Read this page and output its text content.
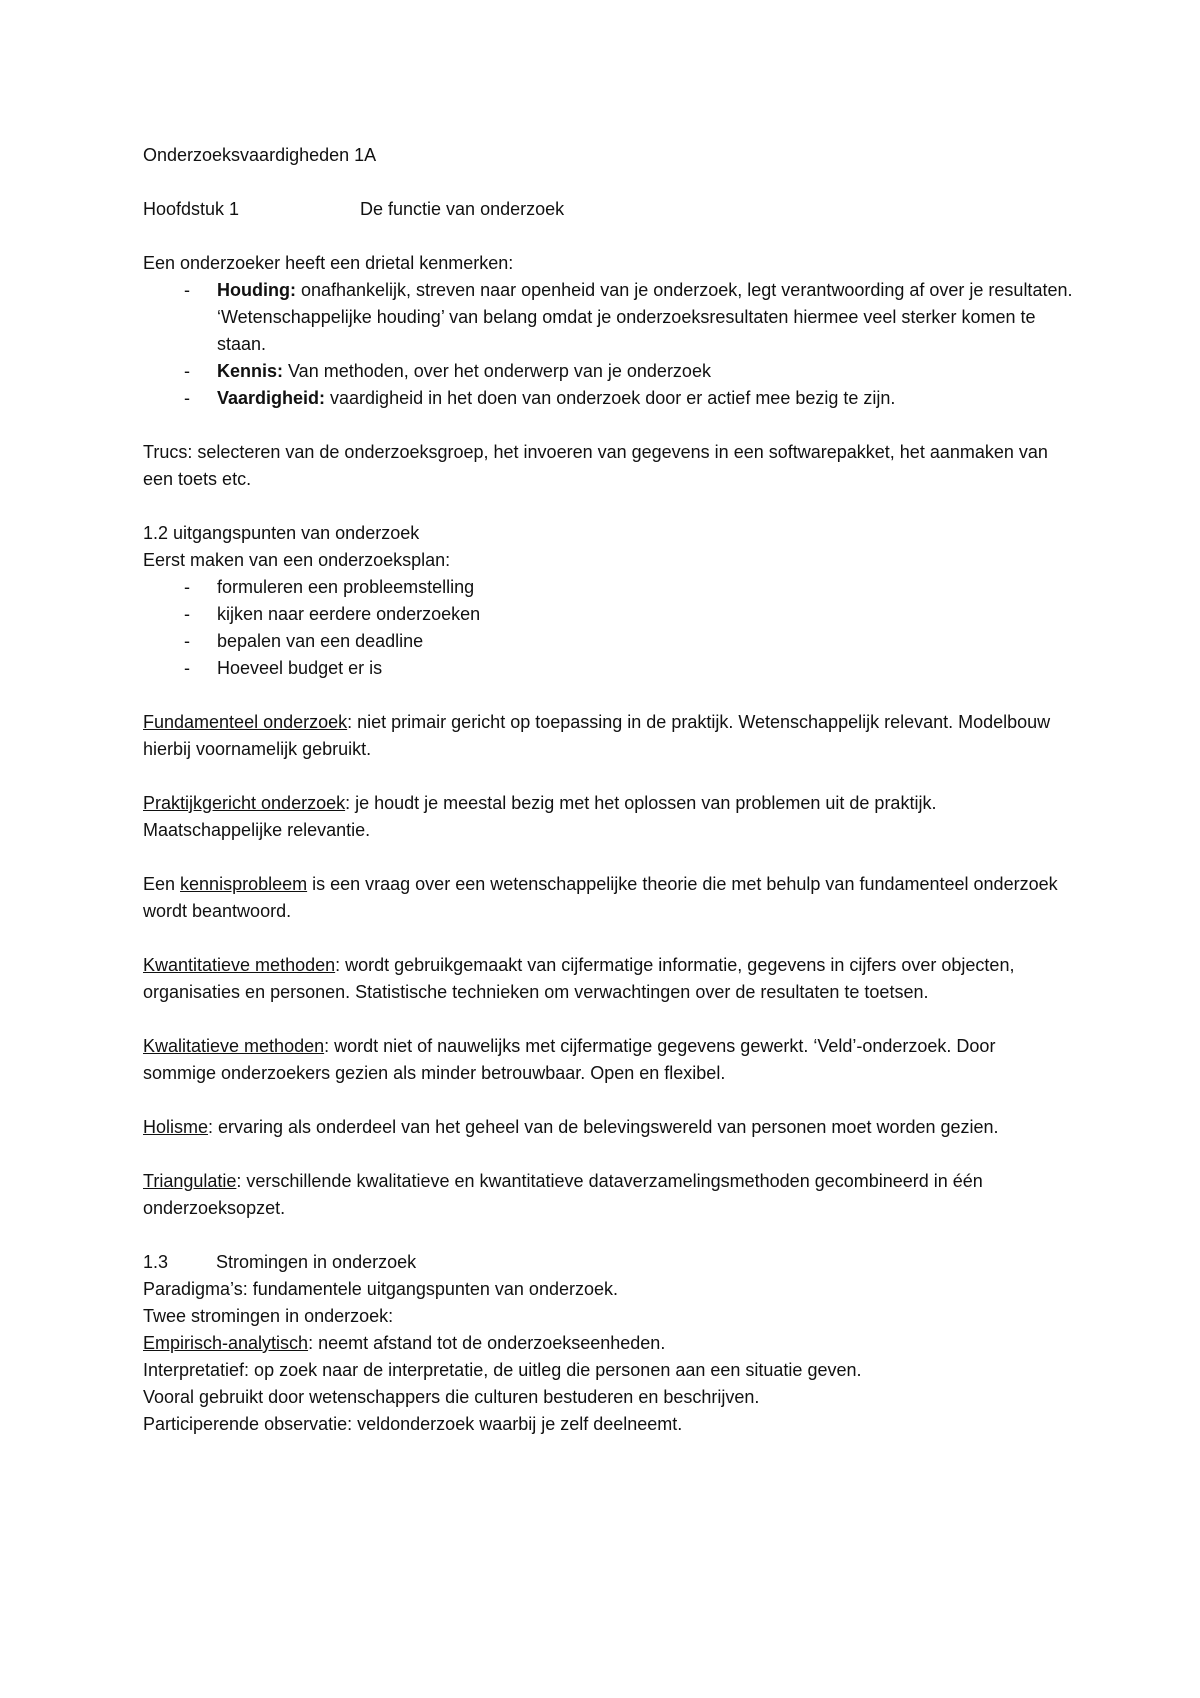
Onderzoeksvaardigheden 1A

Hoofdstuk 1	De functie van onderzoek

Een onderzoeker heeft een drietal kenmerken:

- Houding: onafhankelijk, streven naar openheid van je onderzoek, legt verantwoording af over je resultaten. ‘Wetenschappelijke houding’ van belang omdat je onderzoeksresultaten hiermee veel sterker komen te staan.
- Kennis: Van methoden, over het onderwerp van je onderzoek
- Vaardigheid: vaardigheid in het doen van onderzoek door er actief mee bezig te zijn.

Trucs: selecteren van de onderzoeksgroep, het invoeren van gegevens in een softwarepakket, het aanmaken van een toets etc.

1.2 uitgangspunten van onderzoek

Eerst maken van een onderzoeksplan:

- formuleren een probleemstelling
- kijken naar eerdere onderzoeken
- bepalen van een deadline
- Hoeveel budget er is

Fundamenteel onderzoek: niet primair gericht op toepassing in de praktijk. Wetenschappelijk relevant. Modelbouw hierbij voornamelijk gebruikt.

Praktijkgericht onderzoek: je houdt je meestal bezig met het oplossen van problemen uit de praktijk. Maatschappelijke relevantie.

Een kennisprobleem is een vraag over een wetenschappelijke theorie die met behulp van fundamenteel onderzoek wordt beantwoord.

Kwantitatieve methoden: wordt gebruikgemaakt van cijfermatige informatie, gegevens in cijfers over objecten, organisaties en personen. Statistische technieken om verwachtingen over de resultaten te toetsen.

Kwalitatieve methoden: wordt niet of nauwelijks met cijfermatige gegevens gewerkt. ‘Veld’-onderzoek. Door sommige onderzoekers gezien als minder betrouwbaar. Open en flexibel.

Holisme: ervaring als onderdeel van het geheel van de belevingswereld van personen moet worden gezien.

Triangulatie: verschillende kwalitatieve en kwantitatieve dataverzamelingsmethoden gecombineerd in één onderzoeksopzet.

1.3	Stromingen in onderzoek

Paradigma’s: fundamentele uitgangspunten van onderzoek.

Twee stromingen in onderzoek:

Empirisch-analytisch: neemt afstand tot de onderzoekseenheden.

Interpretatief: op zoek naar de interpretatie, de uitleg die personen aan een situatie geven.

Vooral gebruikt door wetenschappers die culturen bestuderen en beschrijven.

Participerende observatie: veldonderzoek waarbij je zelf deelneemt.
